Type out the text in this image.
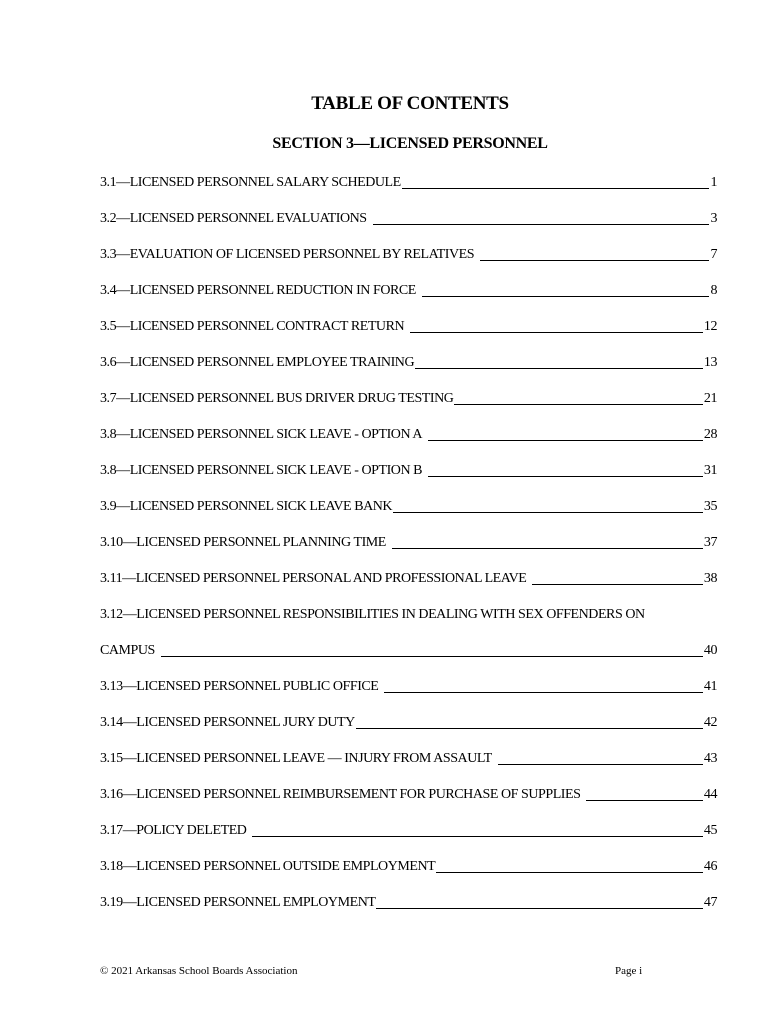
TABLE OF CONTENTS
SECTION 3—LICENSED PERSONNEL
3.1—LICENSED PERSONNEL SALARY SCHEDULE	1
3.2—LICENSED PERSONNEL EVALUATIONS	3
3.3—EVALUATION OF LICENSED PERSONNEL BY RELATIVES	7
3.4—LICENSED PERSONNEL REDUCTION IN FORCE	8
3.5—LICENSED PERSONNEL CONTRACT RETURN	12
3.6—LICENSED PERSONNEL EMPLOYEE TRAINING	13
3.7—LICENSED PERSONNEL BUS DRIVER DRUG TESTING	21
3.8—LICENSED PERSONNEL SICK LEAVE - OPTION A	28
3.8—LICENSED PERSONNEL SICK LEAVE - OPTION B	31
3.9—LICENSED PERSONNEL SICK LEAVE BANK	35
3.10—LICENSED PERSONNEL PLANNING TIME	37
3.11—LICENSED PERSONNEL PERSONAL AND PROFESSIONAL LEAVE	38
3.12—LICENSED PERSONNEL RESPONSIBILITIES IN DEALING WITH SEX OFFENDERS ON
CAMPUS	40
3.13—LICENSED PERSONNEL PUBLIC OFFICE	41
3.14—LICENSED PERSONNEL JURY DUTY	42
3.15—LICENSED PERSONNEL LEAVE — INJURY FROM ASSAULT	43
3.16—LICENSED PERSONNEL REIMBURSEMENT FOR PURCHASE OF SUPPLIES	44
3.17—POLICY DELETED	45
3.18—LICENSED PERSONNEL OUTSIDE EMPLOYMENT	46
3.19—LICENSED PERSONNEL EMPLOYMENT	47
© 2021 Arkansas School Boards Association	Page i
